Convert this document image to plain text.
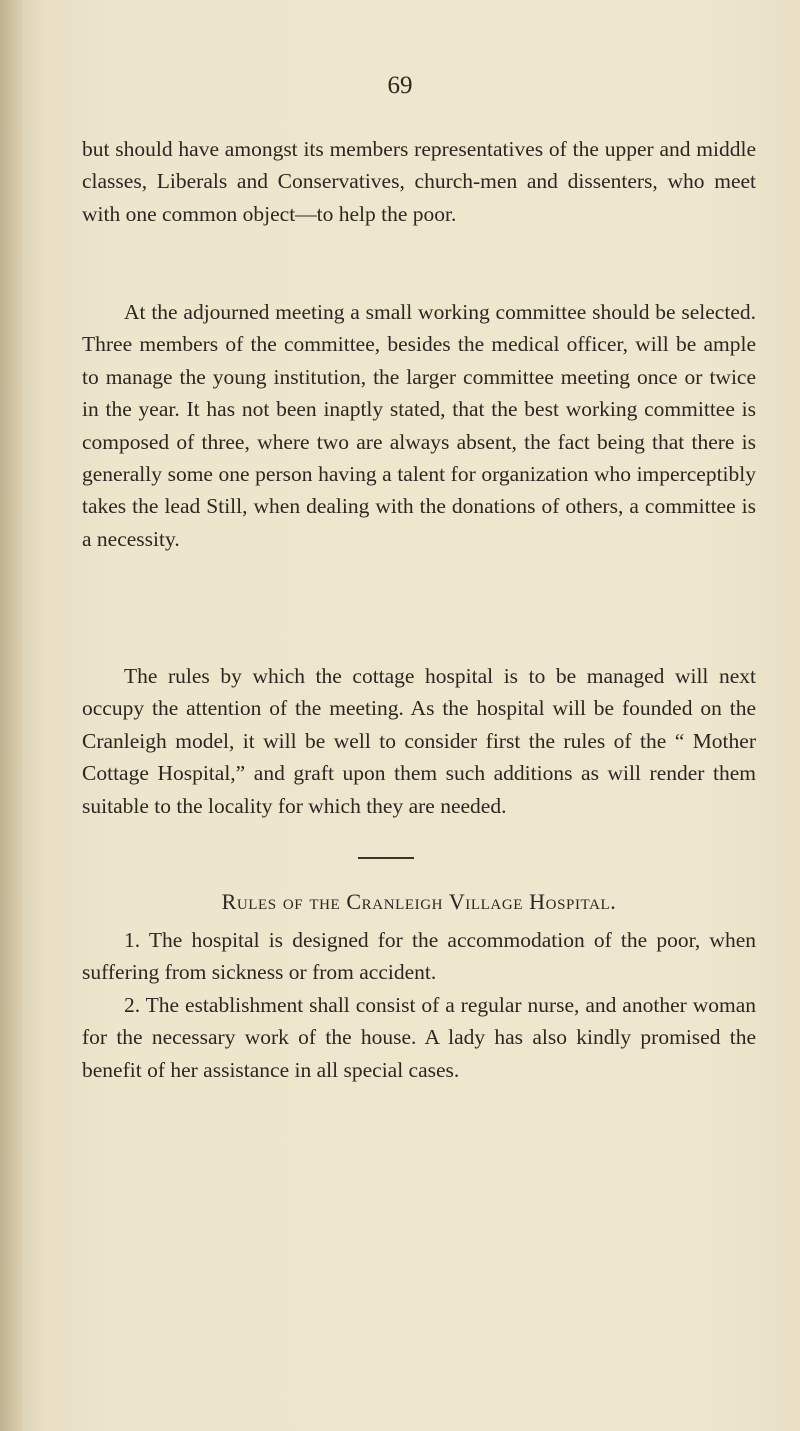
69

but should have amongst its members representatives of the upper and middle classes, Liberals and Conservatives, church-men and dissenters, who meet with one common object—to help the poor.

At the adjourned meeting a small working committee should be selected. Three members of the committee, besides the medical officer, will be ample to manage the young institution, the larger committee meeting once or twice in the year. It has not been inaptly stated, that the best working committee is composed of three, where two are always absent, the fact being that there is generally some one person having a talent for organization who imperceptibly takes the lead Still, when dealing with the donations of others, a committee is a necessity.

The rules by which the cottage hospital is to be managed will next occupy the attention of the meeting. As the hospital will be founded on the Cranleigh model, it will be well to consider first the rules of the “ Mother Cottage Hospital,” and graft upon them such additions as will render them suitable to the locality for which they are needed.

Rules of the Cranleigh Village Hospital.

1. The hospital is designed for the accommodation of the poor, when suffering from sickness or from accident.

2. The establishment shall consist of a regular nurse, and another woman for the necessary work of the house. A lady has also kindly promised the benefit of her assistance in all special cases.
